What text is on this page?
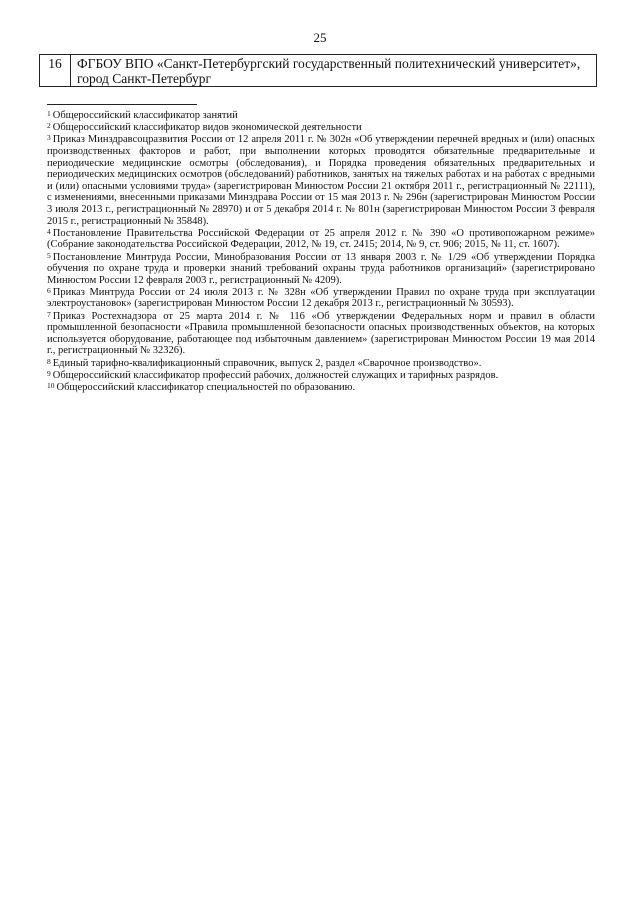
25
16	ФГБОУ ВПО «Санкт-Петербургский государственный политехнический университет», город Санкт-Петербург

$^1$ Общероссийский классификатор занятий

$^2$ Общероссийский классификатор видов экономической деятельности

$^3$ Приказ Минздравсоцразвития России от 12 апреля 2011 г. № 302н «Об утверждении перечней вредных и (или) опасных производственных факторов и работ, при выполнении которых проводятся обязательные предварительные и периодические медицинские осмотры (обследования), и Порядка проведения обязательных предварительных и периодических медицинских осмотров (обследований) работников, занятых на тяжелых работах и на работах с вредными и (или) опасными условиями труда» (зарегистрирован Минюстом России 21 октября 2011 г., регистрационный № 22111), с изменениями, внесенными приказами Минздрава России от 15 мая 2013 г. № 296н (зарегистрирован Минюстом России 3 июля 2013 г., регистрационный № 28970) и от 5 декабря 2014 г. № 801н (зарегистрирован Минюстом России 3 февраля 2015 г., регистрационный № 35848).

$^4$ Постановление Правительства Российской Федерации от 25 апреля 2012 г. № 390 «О противопожарном режиме» (Собрание законодательства Российской Федерации, 2012, № 19, ст. 2415; 2014, № 9, ст. 906; 2015, № 11, ст. 1607).

$^5$ Постановление Минтруда России, Минобразования России от 13 января 2003 г. № 1/29 «Об утверждении Порядка обучения по охране труда и проверки знаний требований охраны труда работников организаций» (зарегистрировано Минюстом России 12 февраля 2003 г., регистрационный № 4209).

$^6$ Приказ Минтруда России от 24 июля 2013 г. № 328н «Об утверждении Правил по охране труда при эксплуатации электроустановок» (зарегистрирован Минюстом России 12 декабря 2013 г., регистрационный № 30593).

$^7$ Приказ Ростехнадзора от 25 марта 2014 г. № 116 «Об утверждении Федеральных норм и правил в области промышленной безопасности «Правила промышленной безопасности опасных производственных объектов, на которых используется оборудование, работающее под избыточным давлением» (зарегистрирован Минюстом России 19 мая 2014 г., регистрационный № 32326).

$^8$ Единый тарифно-квалификационный справочник, выпуск 2, раздел «Сварочное производство».

$^9$ Общероссийский классификатор профессий рабочих, должностей служащих и тарифных разрядов.

$^{10}$ Общероссийский классификатор специальностей по образованию.
